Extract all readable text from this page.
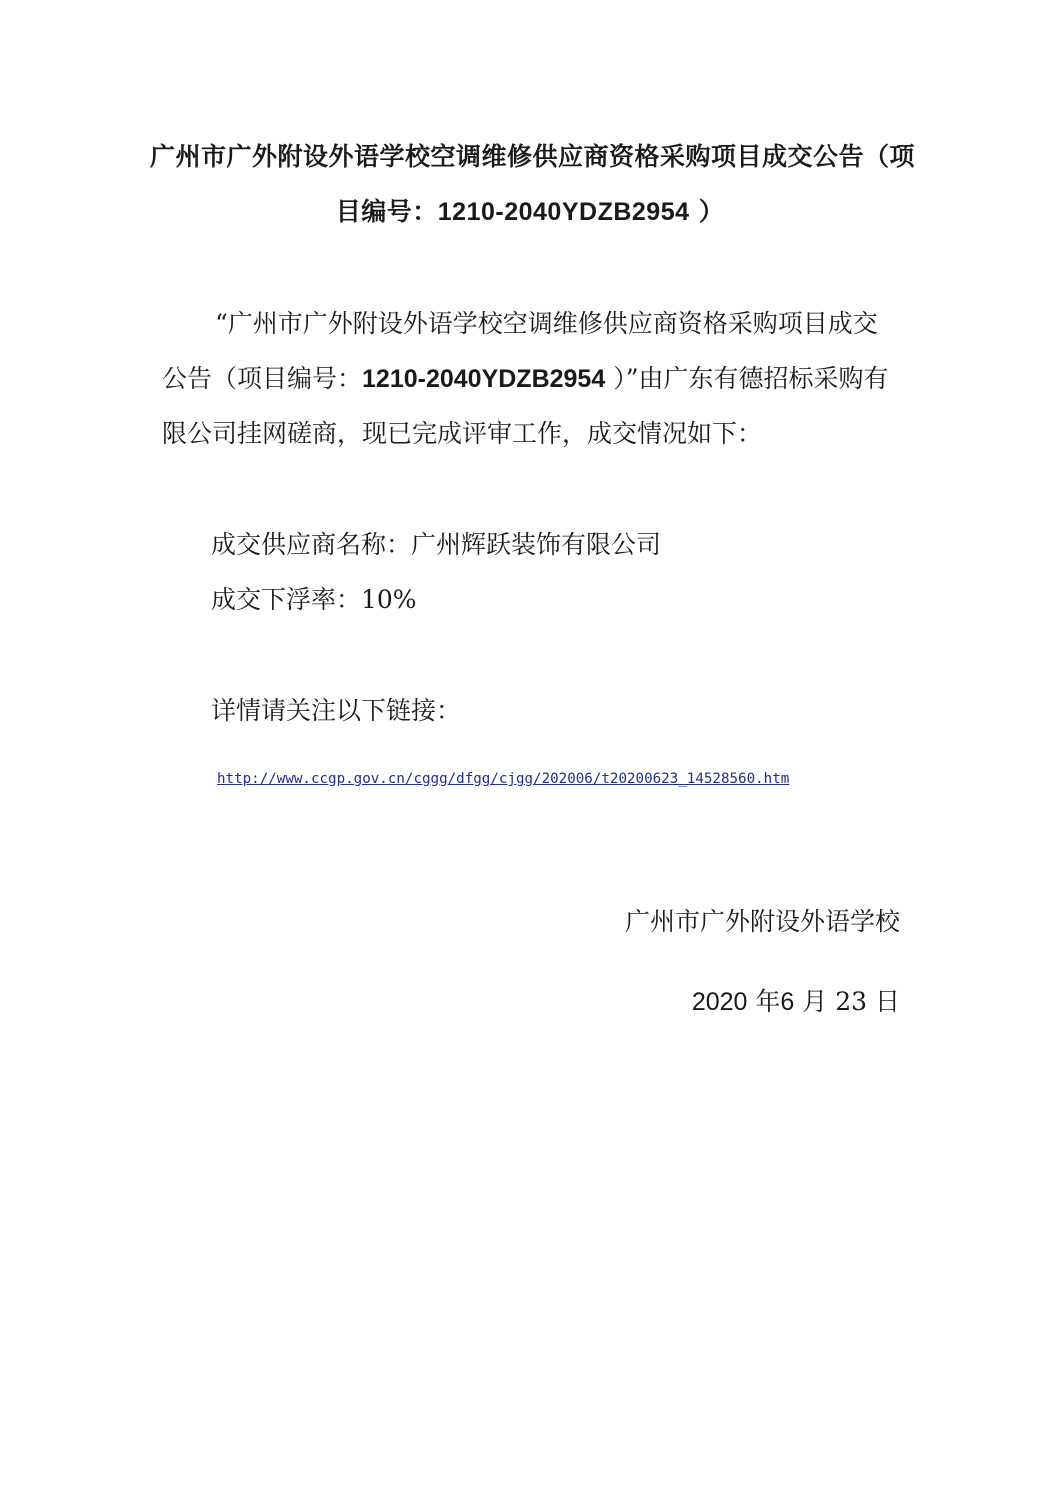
广州市广外附设外语学校空调维修供应商资格采购项目成交公告（项
目编号：1210-2040YDZB2954 ）
“广州市广外附设外语学校空调维修供应商资格采购项目成交
公告（项目编号：1210-2040YDZB2954 ）”由广东有德招标采购有
限公司挂网磋商，现已完成评审工作，成交情况如下：
成交供应商名称：广州辉跃装饰有限公司
成交下浮率：10%
详情请关注以下链接：
http://www.ccgp.gov.cn/cggg/dfgg/cjgg/202006/t20200623_14528560.htm
广州市广外附设外语学校
2020 年6 月 23 日
